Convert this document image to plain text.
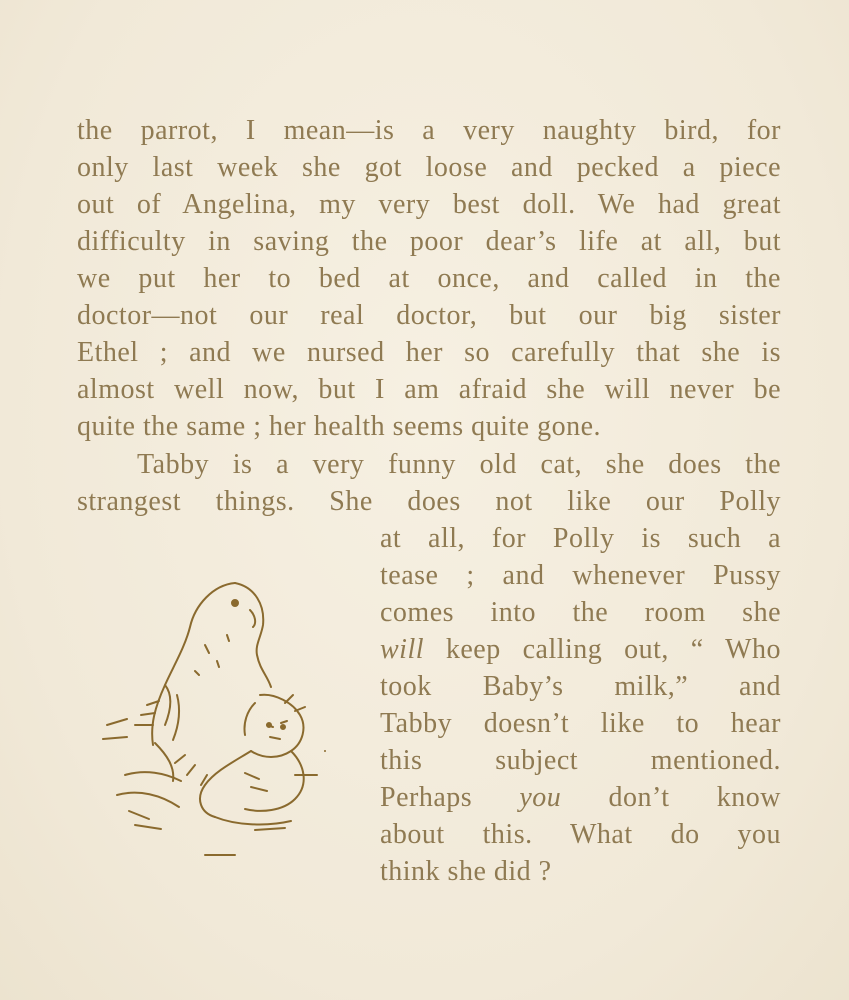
the parrot, I mean—is a very naughty bird, for
only last week she got loose and pecked a piece
out of Angelina, my very best doll. We had great
difficulty in saving the poor dear’s life at all, but
we put her to bed at once, and called in the
doctor—not our real doctor, but our big sister
Ethel ; and we nursed her so carefully that she is
almost well now, but I am afraid she will never be
quite the same ; her health seems quite gone.
Tabby is a very funny old cat, she does the
strangest things. She does not like our Polly
at all, for Polly is such a
tease ; and whenever Pussy
comes into the room she
will keep calling out, “ Who
took Baby’s milk,” and
Tabby doesn’t like to hear
this subject mentioned.
Perhaps you don’t know
about this. What do you
think she did ?
